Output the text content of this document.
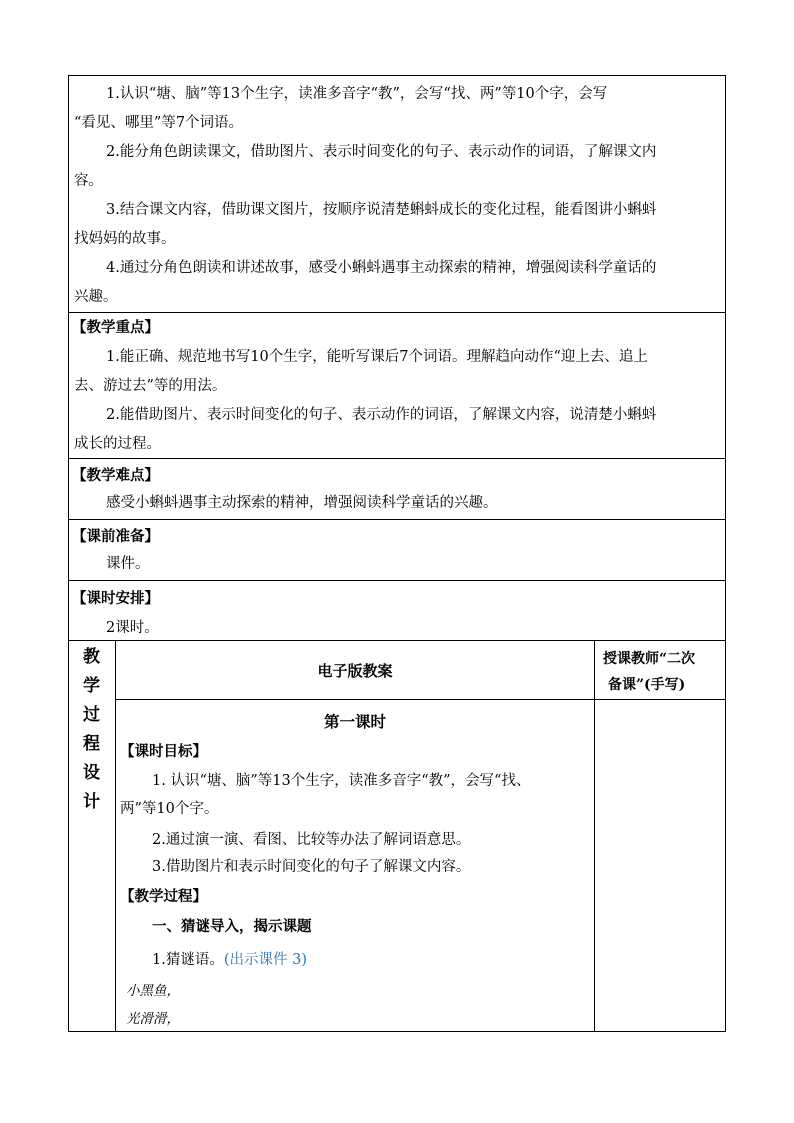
1.认识“塘、脑”等13个生字，读准多音字“教”，会写“找、两”等10个字，会写
“看见、哪里”等7个词语。
2.能分角色朗读课文，借助图片、表示时间变化的句子、表示动作的词语，了解课文内
容。
3.结合课文内容，借助课文图片，按顺序说清楚蝌蚪成长的变化过程，能看图讲小蝌蚪
找妈妈的故事。
4.通过分角色朗读和讲述故事，感受小蝌蚪遇事主动探索的精神，增强阅读科学童话的
兴趣。
【教学重点】
1.能正确、规范地书写10个生字，能听写课后7个词语。理解趋向动作“迎上去、追上
去、游过去”等的用法。
2.能借助图片、表示时间变化的句子、表示动作的词语，了解课文内容，说清楚小蝌蚪
成长的过程。
【教学难点】
感受小蝌蚪遇事主动探索的精神，增强阅读科学童话的兴趣。
【课前准备】
课件。
【课时安排】
2课时。
教
学
过
程
设
计
电子版教案
授课教师“二次
备课”(手写)
第一课时
【课时目标】
1. 认识“塘、脑”等13个生字，读准多音字“教”，会写“找、
两”等10个字。
2.通过演一演、看图、比较等办法了解词语意思。
3.借助图片和表示时间变化的句子了解课文内容。
【教学过程】
一、猜谜导入，揭示课题
1.猜谜语。(出示课件 3)
小黑鱼，
光滑滑，
